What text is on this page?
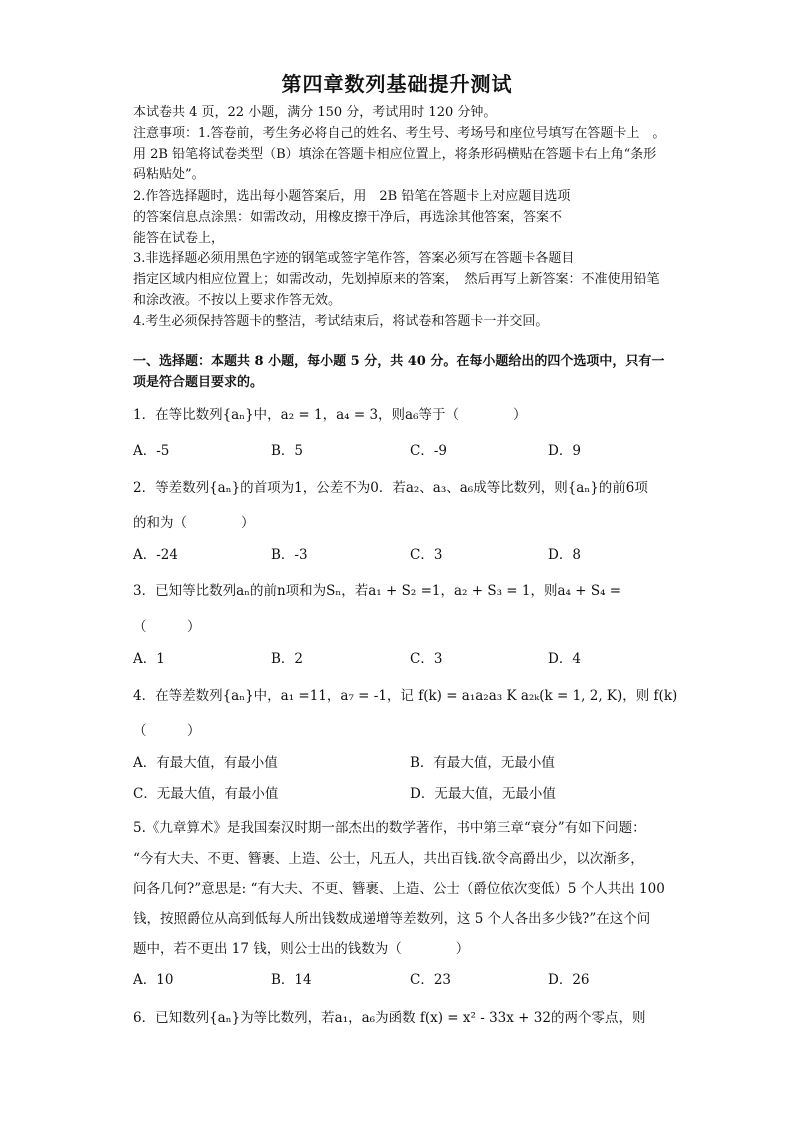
第四章数列基础提升测试
本试卷共 4 页，22 小题，满分 150 分，考试用时 120 分钟。
注意事项：1.答卷前，考生务必将自己的姓名、考生号、考场号和座位号填写在答题卡上　。
用 2B 铅笔将试卷类型（B）填涂在答题卡相应位置上，将条形码横贴在答题卡右上角“条形
码粘贴处”。
2.作答选择题时，选出每小题答案后，用　2B 铅笔在答题卡上对应题目选项
的答案信息点涂黑：如需改动，用橡皮擦干净后，再选涂其他答案，答案不
能答在试卷上，
3.非选择题必须用黑色字迹的钢笔或签字笔作答，答案必须写在答题卡各题目
指定区域内相应位置上；如需改动，先划掉原来的答案，　然后再写上新答案：不准使用铅笔
和涂改液。不按以上要求作答无效。
4.考生必须保持答题卡的整洁，考试结束后，将试卷和答题卡一并交回。
一、选择题：本题共 8 小题，每小题 5 分，共 40 分。在每小题给出的四个选项中，只有一
项是符合题目要求的。
1．在等比数列{aₙ}中，a₂ = 1，a₄ = 3，则a₆等于（　　　　）
A．-5	B．5	C．-9	D．9
2．等差数列{aₙ}的首项为1，公差不为0．若a₂、a₃、a₆成等比数列，则{aₙ}的前6项
的和为（　　　　）
A．-24	B．-3	C．3	D．8
3．已知等比数列aₙ的前n项和为Sₙ，若a₁ + S₂ =1，a₂ + S₃ = 1，则a₄ + S₄ =
（　　　）
A．1	B．2	C．3	D．4
4．在等差数列{aₙ}中，a₁ =11，a₇ = -1，记 f(k) = a₁a₂a₃ K a₂ₖ(k = 1, 2, K)，则 f(k)
（　　　）
A．有最大值，有最小值	B．有最大值，无最小值
C．无最大值，有最小值	D．无最大值，无最小值
5.《九章算术》是我国秦汉时期一部杰出的数学著作，书中第三章“衰分”有如下问题：
“今有大夫、不更、簪裹、上造、公士，凡五人，共出百钱.欲令高爵出少，以次渐多，
问各几何?”意思是: “有大夫、不更、簪裹、上造、公士（爵位依次变低）5 个人共出 100
钱，按照爵位从高到低每人所出钱数成递增等差数列，这 5 个人各出多少钱?”在这个问
题中，若不更出 17 钱，则公士出的钱数为（　　　　）
A．10	B．14	C．23	D．26
6．已知数列{aₙ}为等比数列，若a₁，a₆为函数 f(x) = x² - 33x + 32的两个零点，则
